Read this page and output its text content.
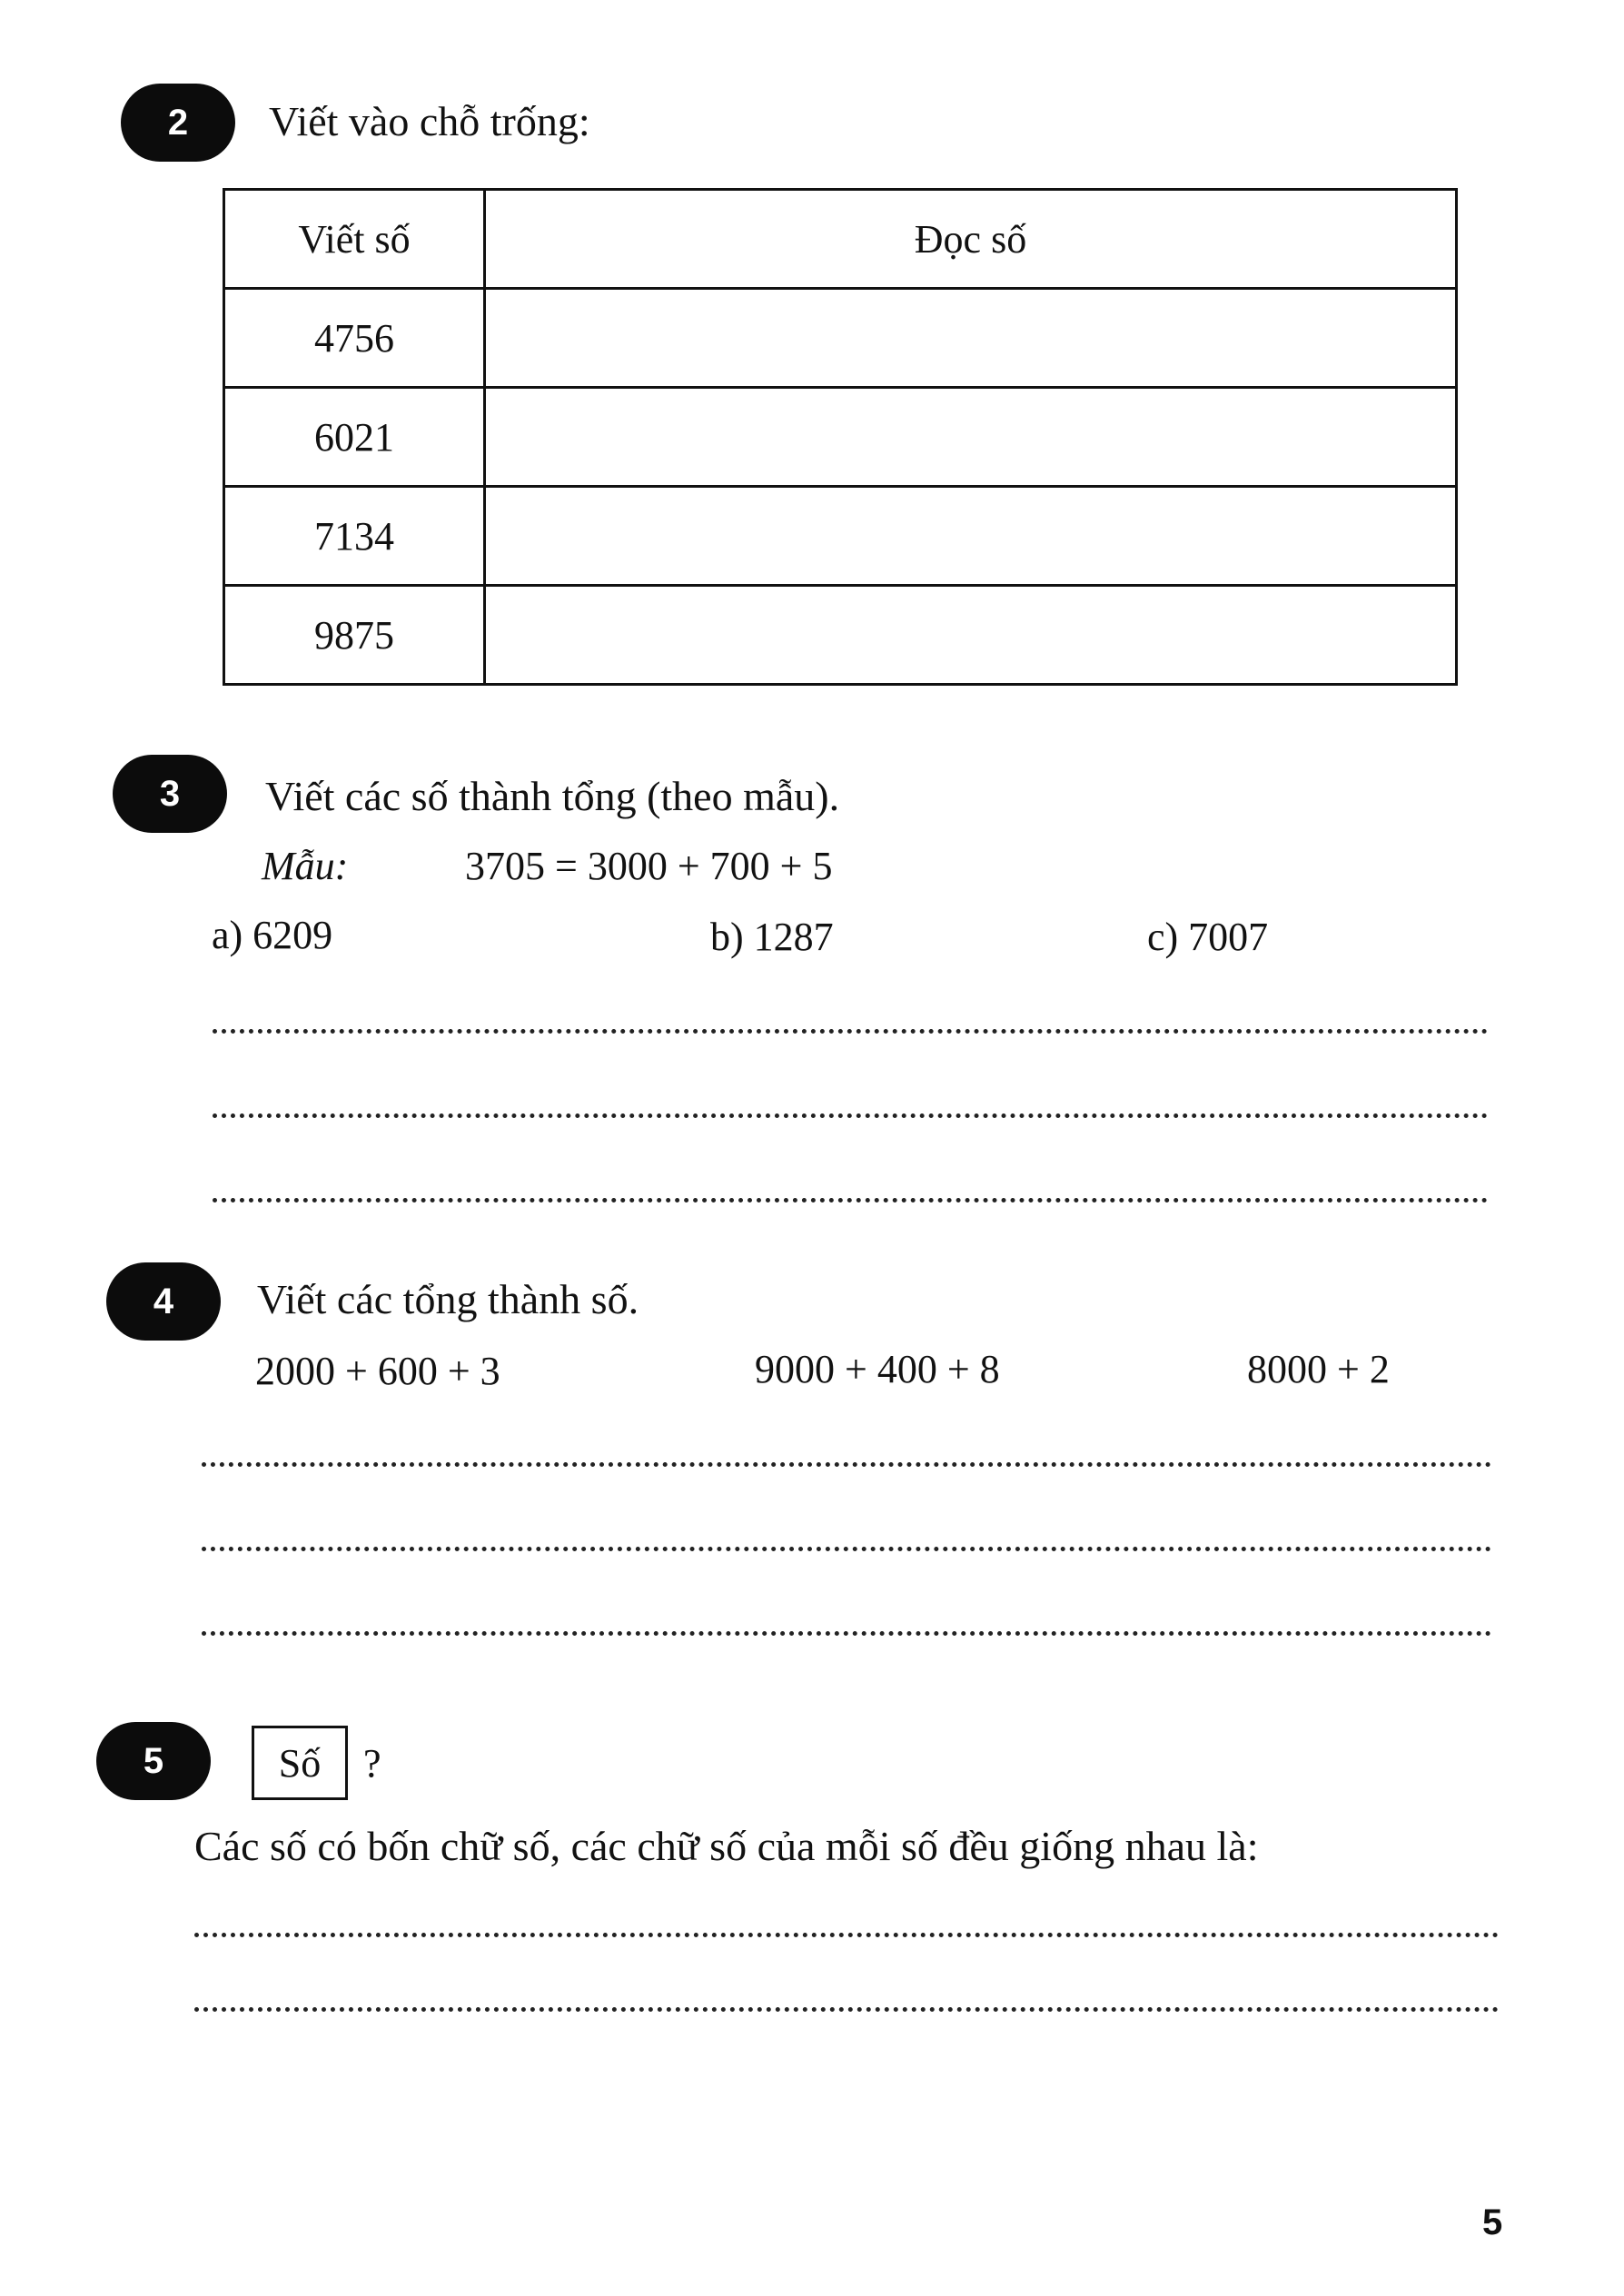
2	Viết vào chỗ trống:
Viết số	Đọc số
4756	
6021	
7134	
9875	
3	Viết các số thành tổng (theo mẫu).
Mẫu:	3705 = 3000 + 700 + 5
a) 6209	b) 1287	c) 7007
4	Viết các tổng thành số.
2000 + 600 + 3	9000 + 400 + 8	8000 + 2
5	Số	?
Các số có bốn chữ số, các chữ số của mỗi số đều giống nhau là:
5
